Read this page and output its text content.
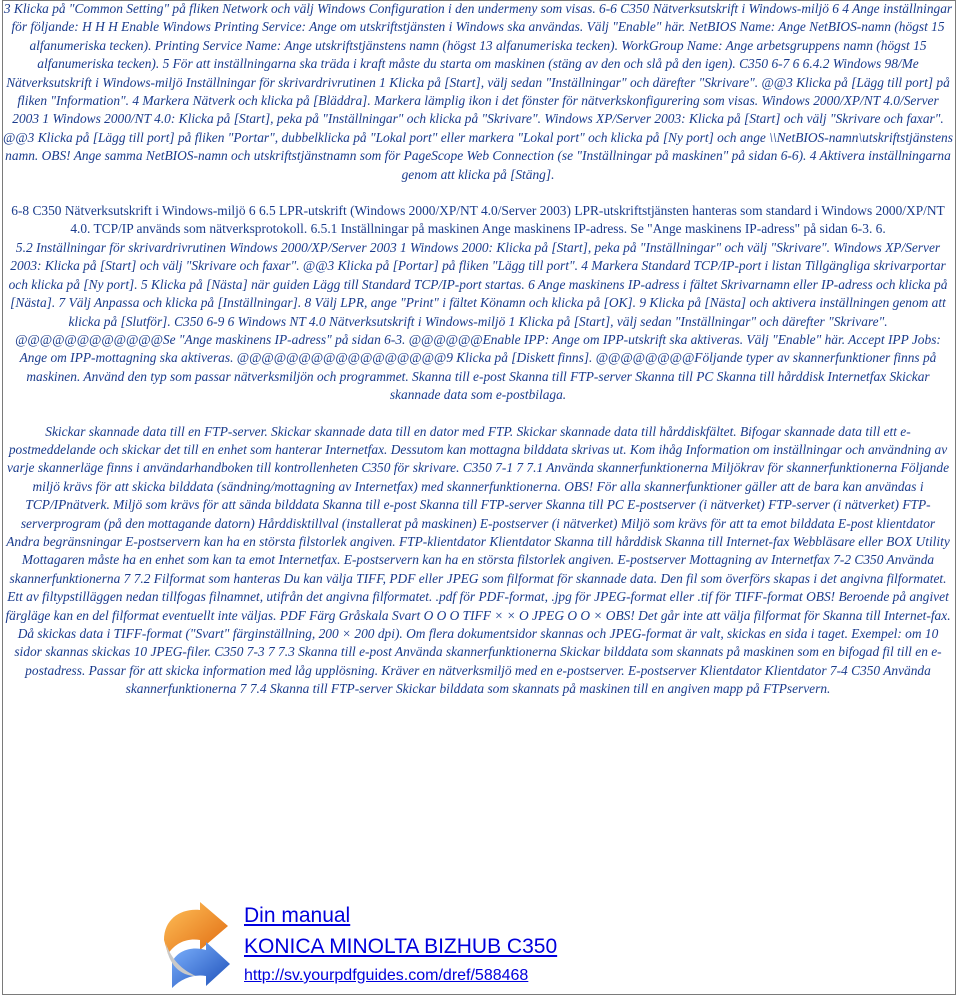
3 Klicka på "Common Setting" på fliken Network och välj Windows Configuration i den undermeny som visas. 6-6 C350 Nätverksutskrift i Windows-miljö 6 4 Ange inställningar för följande: H H H Enable Windows Printing Service: Ange om utskriftstjänsten i Windows ska användas. Välj "Enable" här. NetBIOS Name: Ange NetBIOS-namn (högst 15 alfanumeriska tecken). Printing Service Name: Ange utskriftstjänstens namn (högst 13 alfanumeriska tecken). WorkGroup Name: Ange arbetsgruppens namn (högst 15 alfanumeriska tecken). 5 För att inställningarna ska träda i kraft måste du starta om maskinen (stäng av den och slå på den igen). C350 6-7 6 6.4.2 Windows 98/Me Nätverksutskrift i Windows-miljö Inställningar för skrivardrivrutinen 1 Klicka på [Start], välj sedan "Inställningar" och därefter "Skrivare". @@3 Klicka på [Lägg till port] på fliken "Information". 4 Markera Nätverk och klicka på [Bläddra]. Markera lämplig ikon i det fönster för nätverkskonfigurering som visas. Windows 2000/XP/NT 4.0/Server 2003 1 Windows 2000/NT 4.0: Klicka på [Start], peka på "Inställningar" och klicka på "Skrivare". Windows XP/Server 2003: Klicka på [Start] och välj "Skrivare och faxar". @@3 Klicka på [Lägg till port] på fliken "Portar", dubbelklicka på "Lokal port" eller markera "Lokal port" och klicka på [Ny port] och ange \\NetBIOS-namn\utskriftstjänstens namn. OBS! Ange samma NetBIOS-namn och utskriftstjänstnamn som för PageScope Web Connection (se "Inställningar på maskinen" på sidan 6-6). 4 Aktivera inställningarna genom att klicka på [Stäng].

6-8 C350 Nätverksutskrift i Windows-miljö 6 6.5 LPR-utskrift (Windows 2000/XP/NT 4.0/Server 2003) LPR-utskriftstjänsten hanteras som standard i Windows 2000/XP/NT 4.0. TCP/IP används som nätverksprotokoll. 6.5.1 Inställningar på maskinen Ange maskinens IP-adress. Se "Ange maskinens IP-adress" på sidan 6-3. 6.

5.2 Inställningar för skrivardrivrutinen Windows 2000/XP/Server 2003 1 Windows 2000: Klicka på [Start], peka på "Inställningar" och välj "Skrivare". Windows XP/Server 2003: Klicka på [Start] och välj "Skrivare och faxar". @@3 Klicka på [Portar] på fliken "Lägg till port". 4 Markera Standard TCP/IP-port i listan Tillgängliga skrivarportar och klicka på [Ny port]. 5 Klicka på [Nästa] när guiden Lägg till Standard TCP/IP-port startas. 6 Ange maskinens IP-adress i fältet Skrivarnamn eller IP-adress och klicka på [Nästa]. 7 Välj Anpassa och klicka på [Inställningar]. 8 Välj LPR, ange "Print" i fältet Könamn och klicka på [OK]. 9 Klicka på [Nästa] och aktivera inställningen genom att klicka på [Slutför]. C350 6-9 6 Windows NT 4.0 Nätverksutskrift i Windows-miljö 1 Klicka på [Start], välj sedan "Inställningar" och därefter "Skrivare". @@@@@@@@@@@@Se "Ange maskinens IP-adress" på sidan 6-3. @@@@@@Enable IPP: Ange om IPP-utskrift ska aktiveras. Välj "Enable" här. Accept IPP Jobs: Ange om IPP-mottagning ska aktiveras. @@@@@@@@@@@@@@@@@9 Klicka på [Diskett finns]. @@@@@@@@Följande typer av skannerfunktioner finns på maskinen. Använd den typ som passar nätverksmiljön och programmet. Skanna till e-post Skanna till FTP-server Skanna till PC Skanna till hårddisk Internetfax Skickar skannade data som e-postbilaga.

Skickar skannade data till en FTP-server. Skickar skannade data till en dator med FTP. Skickar skannade data till hårddiskfältet. Bifogar skannade data till ett e-postmeddelande och skickar det till en enhet som hanterar Internetfax. Dessutom kan mottagna bilddata skrivas ut. Kom ihåg Information om inställningar och användning av varje skannerläge finns i användarhandboken till kontrollenheten C350 för skrivare. C350 7-1 7 7.1 Använda skannerfunktionerna Miljökrav för skannerfunktionerna Följande miljö krävs för att skicka bilddata (sändning/mottagning av Internetfax) med skannerfunktionerna. OBS! För alla skannerfunktioner gäller att de bara kan användas i TCP/IPnätverk. Miljö som krävs för att sända bilddata Skanna till e-post Skanna till FTP-server Skanna till PC E-postserver (i nätverket) FTP-server (i nätverket) FTP-serverprogram (på den mottagande datorn) Hårddisktillval (installerat på maskinen) E-postserver (i nätverket) Miljö som krävs för att ta emot bilddata E-post klientdator Andra begränsningar E-postservern kan ha en största filstorlek angiven. FTP-klientdator Klientdator Skanna till hårddisk Skanna till Internet-fax Webbläsare eller BOX Utility Mottagaren måste ha en enhet som kan ta emot Internetfax. E-postservern kan ha en största filstorlek angiven. E-postserver Mottagning av Internetfax 7-2 C350 Använda skannerfunktionerna 7 7.2 Filformat som hanteras Du kan välja TIFF, PDF eller JPEG som filformat för skannade data. Den fil som överförs skapas i det angivna filformatet. Ett av filtypstilläggen nedan tillfogas filnamnet, utifrån det angivna filformatet. .pdf för PDF-format, .jpg för JPEG-format eller .tif för TIFF-format OBS! Beroende på angivet färgläge kan en del filformat eventuellt inte väljas. PDF Färg Gråskala Svart O O O TIFF × × O JPEG O O × OBS! Det går inte att välja filformat för Skanna till Internet-fax. Då skickas data i TIFF-format ("Svart" färginställning, 200 × 200 dpi). Om flera dokumentsidor skannas och JPEG-format är valt, skickas en sida i taget. Exempel: om 10 sidor skannas skickas 10 JPEG-filer. C350 7-3 7 7.3 Skanna till e-post Använda skannerfunktionerna Skickar bilddata som skannats på maskinen som en bifogad fil till en e-postadress. Passar för att skicka information med låg upplösning. Kräver en nätverksmiljö med en e-postserver. E-postserver Klientdator Klientdator 7-4 C350 Använda skannerfunktionerna 7 7.4 Skanna till FTP-server Skickar bilddata som skannats på maskinen till en angiven mapp på FTPservern.

Din manual
KONICA MINOLTA BIZHUB C350
http://sv.yourpdfguides.com/dref/588468
